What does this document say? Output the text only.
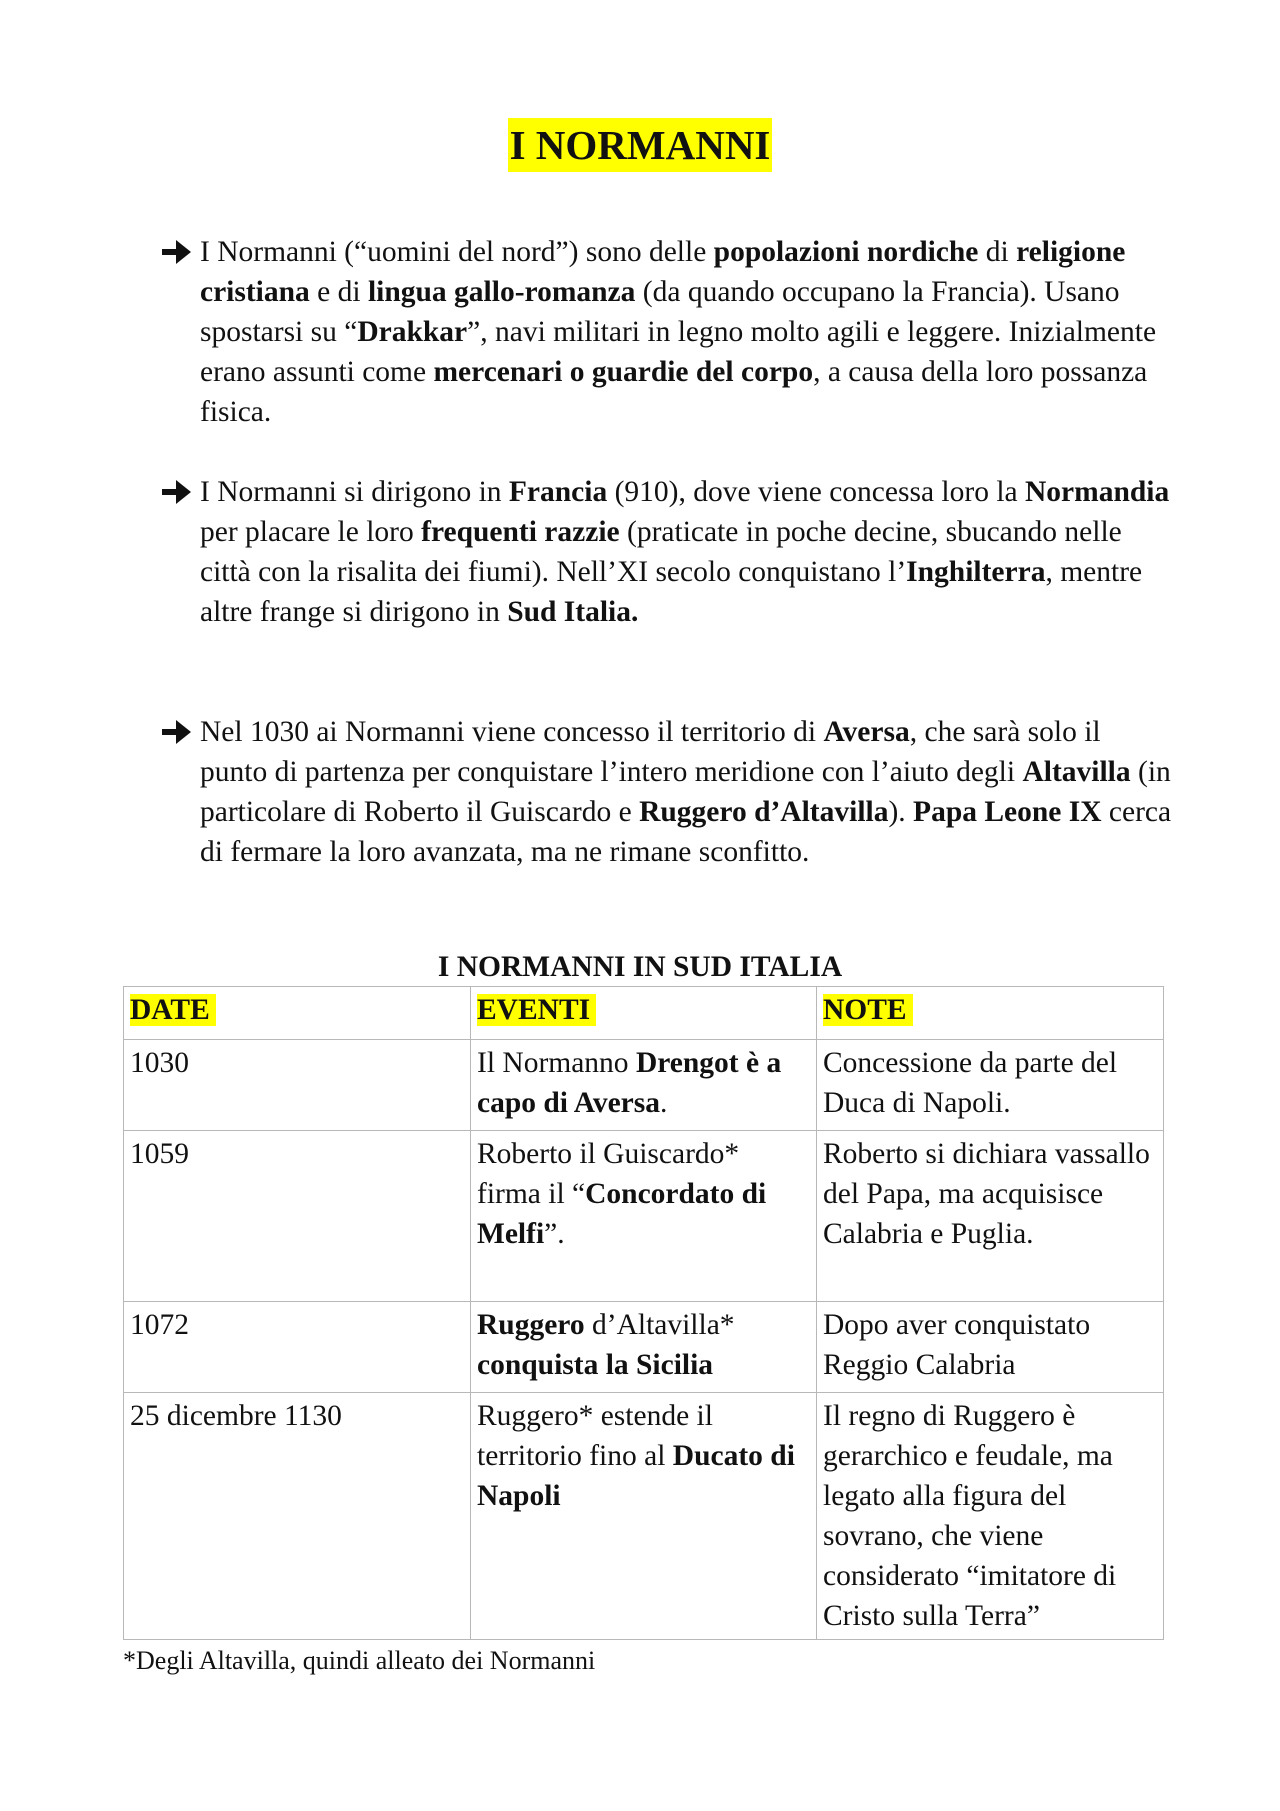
I NORMANNI
I Normanni (“uomini del nord”) sono delle popolazioni nordiche di religione cristiana e di lingua gallo-romanza (da quando occupano la Francia). Usano spostarsi su “Drakkar”, navi militari in legno molto agili e leggere. Inizialmente erano assunti come mercenari o guardie del corpo, a causa della loro possanza fisica.
I Normanni si dirigono in Francia (910), dove viene concessa loro la Normandia per placare le loro frequenti razzie (praticate in poche decine, sbucando nelle città con la risalita dei fiumi). Nell’XI secolo conquistano l’Inghilterra, mentre altre frange si dirigono in Sud Italia.
Nel 1030 ai Normanni viene concesso il territorio di Aversa, che sarà solo il punto di partenza per conquistare l’intero meridione con l’aiuto degli Altavilla (in particolare di Roberto il Guiscardo e Ruggero d’Altavilla). Papa Leone IX cerca di fermare la loro avanzata, ma ne rimane sconfitto.
I NORMANNI IN SUD ITALIA
DATE	EVENTI	NOTE
1030	Il Normanno Drengot è a capo di Aversa.	Concessione da parte del Duca di Napoli.
1059	Roberto il Guiscardo* firma il “Concordato di Melfi”.	Roberto si dichiara vassallo del Papa, ma acquisisce Calabria e Puglia.
1072	Ruggero d’Altavilla* conquista la Sicilia	Dopo aver conquistato Reggio Calabria
25 dicembre 1130	Ruggero* estende il territorio fino al Ducato di Napoli	Il regno di Ruggero è gerarchico e feudale, ma legato alla figura del sovrano, che viene considerato “imitatore di Cristo sulla Terra”
*Degli Altavilla, quindi alleato dei Normanni
